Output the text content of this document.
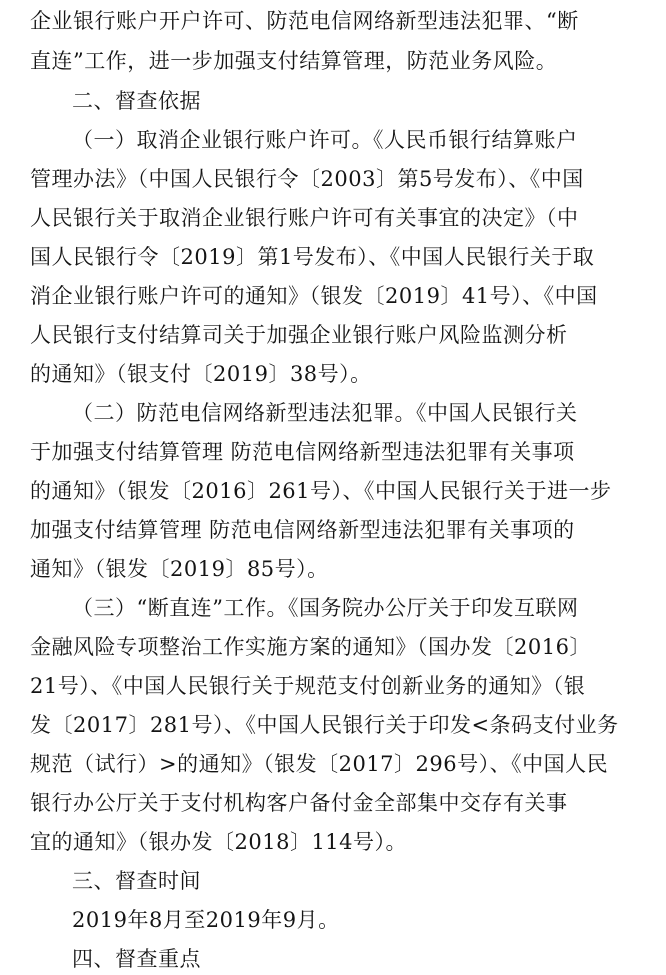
企业银行账户开户许可、防范电信网络新型违法犯罪、“断
直连”工作，进一步加强支付结算管理，防范业务风险。
二、督查依据
（一）取消企业银行账户许可。《人民币银行结算账户
管理办法》（中国人民银行令〔2003〕第5号发布）、《中国
人民银行关于取消企业银行账户许可有关事宜的决定》（中
国人民银行令〔2019〕第1号发布）、《中国人民银行关于取
消企业银行账户许可的通知》（银发〔2019〕41号）、《中国
人民银行支付结算司关于加强企业银行账户风险监测分析
的通知》（银支付〔2019〕38号）。
（二）防范电信网络新型违法犯罪。《中国人民银行关
于加强支付结算管理 防范电信网络新型违法犯罪有关事项
的通知》（银发〔2016〕261号）、《中国人民银行关于进一步
加强支付结算管理 防范电信网络新型违法犯罪有关事项的
通知》（银发〔2019〕85号）。
（三）“断直连”工作。《国务院办公厅关于印发互联网
金融风险专项整治工作实施方案的通知》（国办发〔2016〕
21号）、《中国人民银行关于规范支付创新业务的通知》（银
发〔2017〕281号）、《中国人民银行关于印发<条码支付业务
规范（试行）>的通知》（银发〔2017〕296号）、《中国人民
银行办公厅关于支付机构客户备付金全部集中交存有关事
宜的通知》（银办发〔2018〕114号）。
三、督查时间
2019年8月至2019年9月。
四、督查重点
